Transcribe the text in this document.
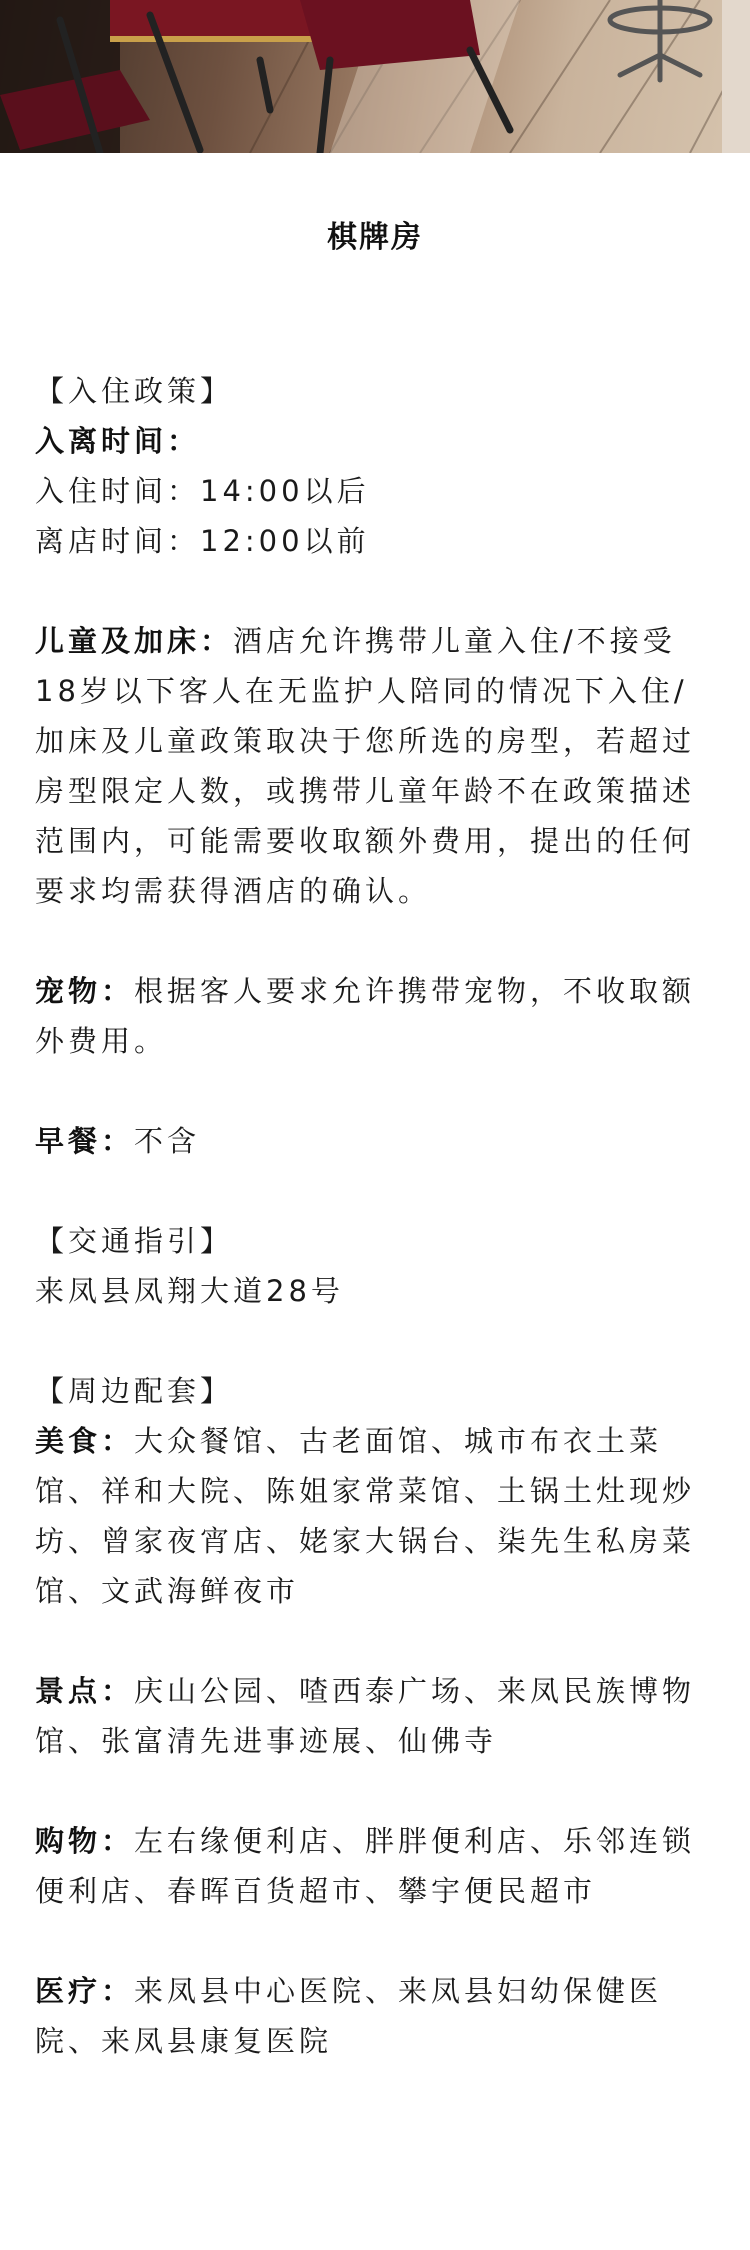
棋牌房

【入住政策】

入离时间：

入住时间：14:00以后

离店时间：12:00以前

儿童及加床：酒店允许携带儿童入住/不接受18岁以下客人在无监护人陪同的情况下入住/加床及儿童政策取决于您所选的房型，若超过房型限定人数，或携带儿童年龄不在政策描述范围内，可能需要收取额外费用，提出的任何要求均需获得酒店的确认。

宠物：根据客人要求允许携带宠物，不收取额外费用。

早餐：不含

【交通指引】

来凤县凤翔大道28号

【周边配套】

美食：大众餐馆、古老面馆、城市布衣土菜馆、祥和大院、陈姐家常菜馆、土锅土灶现炒坊、曾家夜宵店、姥家大锅台、柒先生私房菜馆、文武海鲜夜市

景点：庆山公园、喳西泰广场、来凤民族博物馆、张富清先进事迹展、仙佛寺

购物：左右缘便利店、胖胖便利店、乐邻连锁便利店、春晖百货超市、攀宇便民超市

医疗：来凤县中心医院、来凤县妇幼保健医院、来凤县康复医院
